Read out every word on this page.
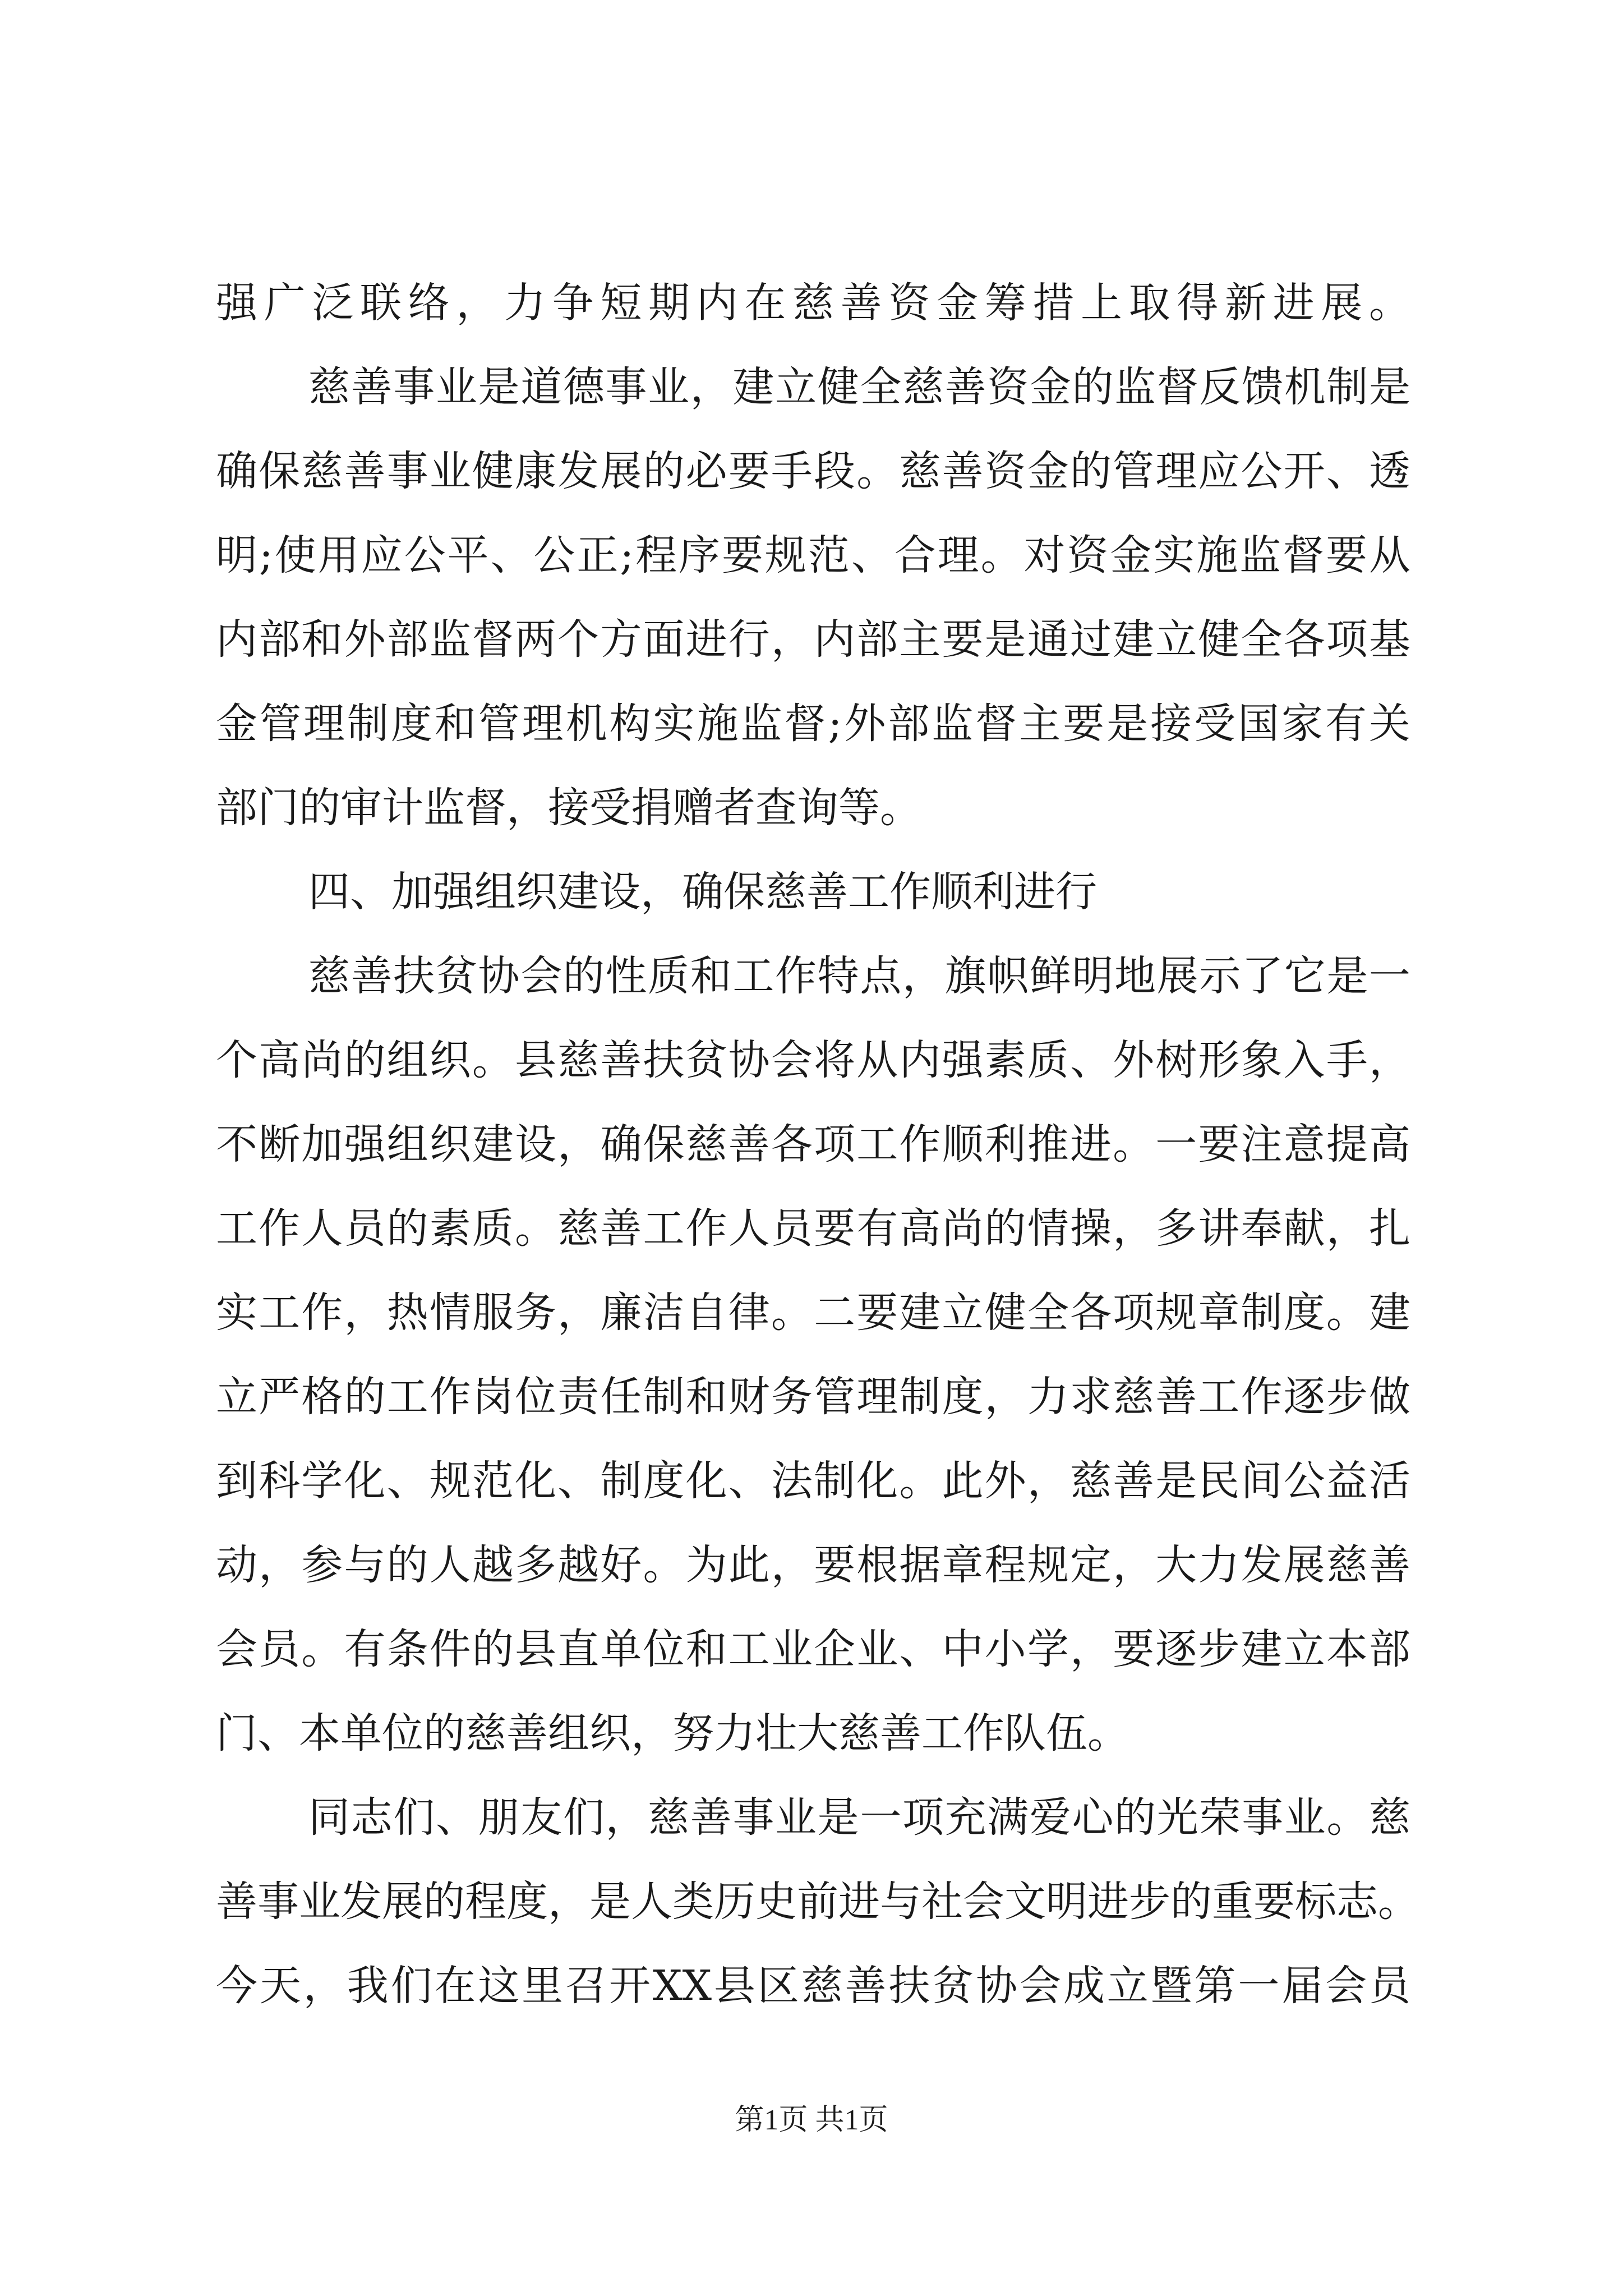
强广泛联络，力争短期内在慈善资金筹措上取得新进展。
慈善事业是道德事业，建立健全慈善资金的监督反馈机制是
确保慈善事业健康发展的必要手段。慈善资金的管理应公开、透
明;使用应公平、公正;程序要规范、合理。对资金实施监督要从
内部和外部监督两个方面进行，内部主要是通过建立健全各项基
金管理制度和管理机构实施监督;外部监督主要是接受国家有关
部门的审计监督，接受捐赠者查询等。
四、加强组织建设，确保慈善工作顺利进行
慈善扶贫协会的性质和工作特点，旗帜鲜明地展示了它是一
个高尚的组织。县慈善扶贫协会将从内强素质、外树形象入手，
不断加强组织建设，确保慈善各项工作顺利推进。一要注意提高
工作人员的素质。慈善工作人员要有高尚的情操，多讲奉献，扎
实工作，热情服务，廉洁自律。二要建立健全各项规章制度。建
立严格的工作岗位责任制和财务管理制度，力求慈善工作逐步做
到科学化、规范化、制度化、法制化。此外，慈善是民间公益活
动，参与的人越多越好。为此，要根据章程规定，大力发展慈善
会员。有条件的县直单位和工业企业、中小学，要逐步建立本部
门、本单位的慈善组织，努力壮大慈善工作队伍。
同志们、朋友们，慈善事业是一项充满爱心的光荣事业。慈
善事业发展的程度，是人类历史前进与社会文明进步的重要标志。
今天，我们在这里召开XX县区慈善扶贫协会成立暨第一届会员
第1页 共1页
